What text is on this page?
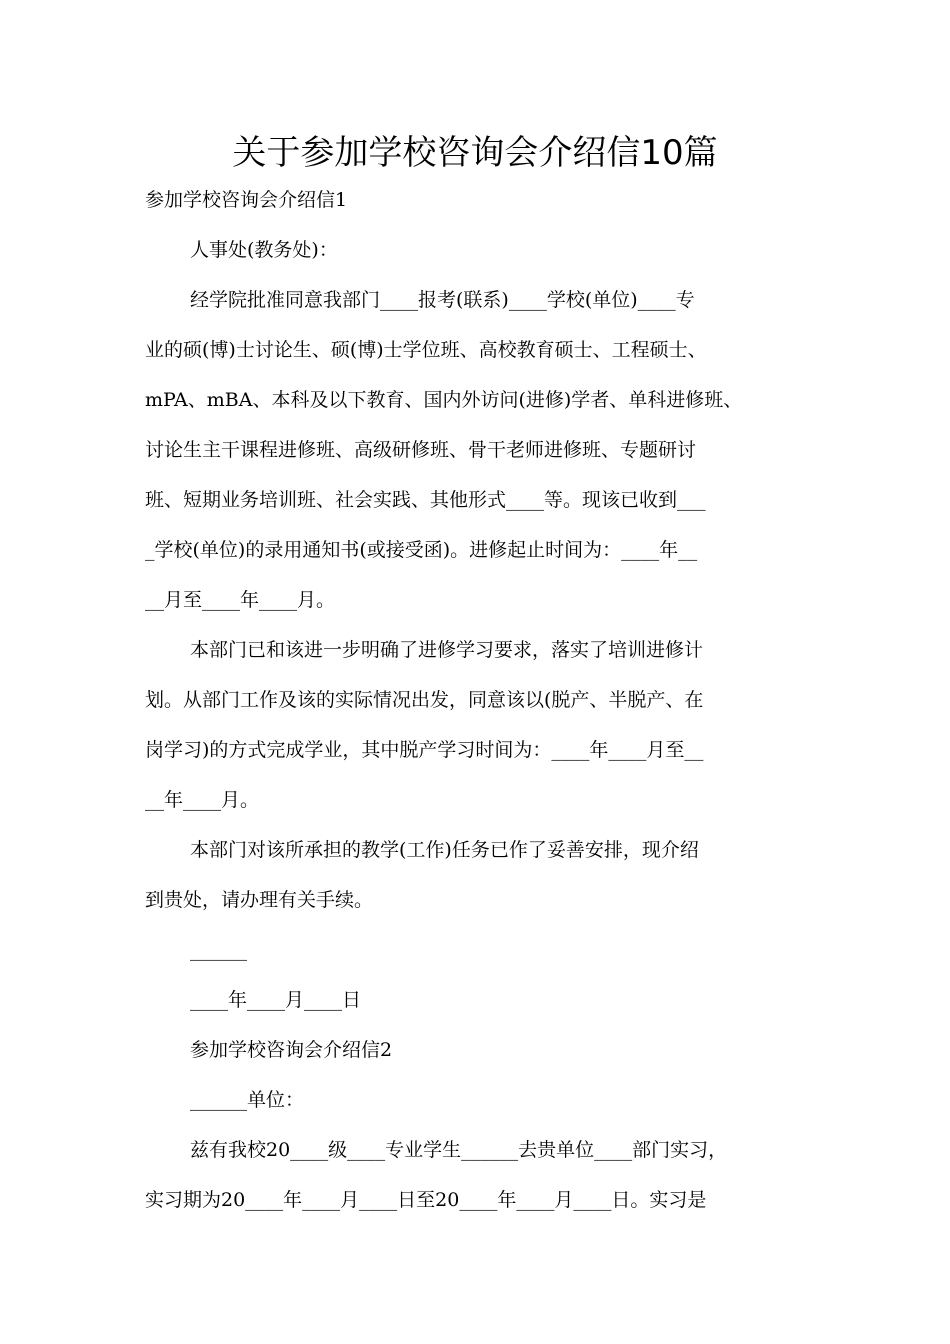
关于参加学校咨询会介绍信10篇

参加学校咨询会介绍信1

人事处(教务处)：

经学院批准同意我部门____报考(联系)____学校(单位)____专

业的硕(博)士讨论生、硕(博)士学位班、高校教育硕士、工程硕士、

mPA、mBA、本科及以下教育、国内外访问(进修)学者、单科进修班、

讨论生主干课程进修班、高级研修班、骨干老师进修班、专题研讨

班、短期业务培训班、社会实践、其他形式____等。现该已收到___

_学校(单位)的录用通知书(或接受函)。进修起止时间为：____年__

__月至____年____月。

本部门已和该进一步明确了进修学习要求，落实了培训进修计

划。从部门工作及该的实际情况出发，同意该以(脱产、半脱产、在

岗学习)的方式完成学业，其中脱产学习时间为：____年____月至__

__年____月。

本部门对该所承担的教学(工作)任务已作了妥善安排，现介绍

到贵处，请办理有关手续。

______

____年____月____日

参加学校咨询会介绍信2

______单位：

兹有我校20____级____专业学生______去贵单位____部门实习，

实习期为20____年____月____日至20____年____月____日。实习是
